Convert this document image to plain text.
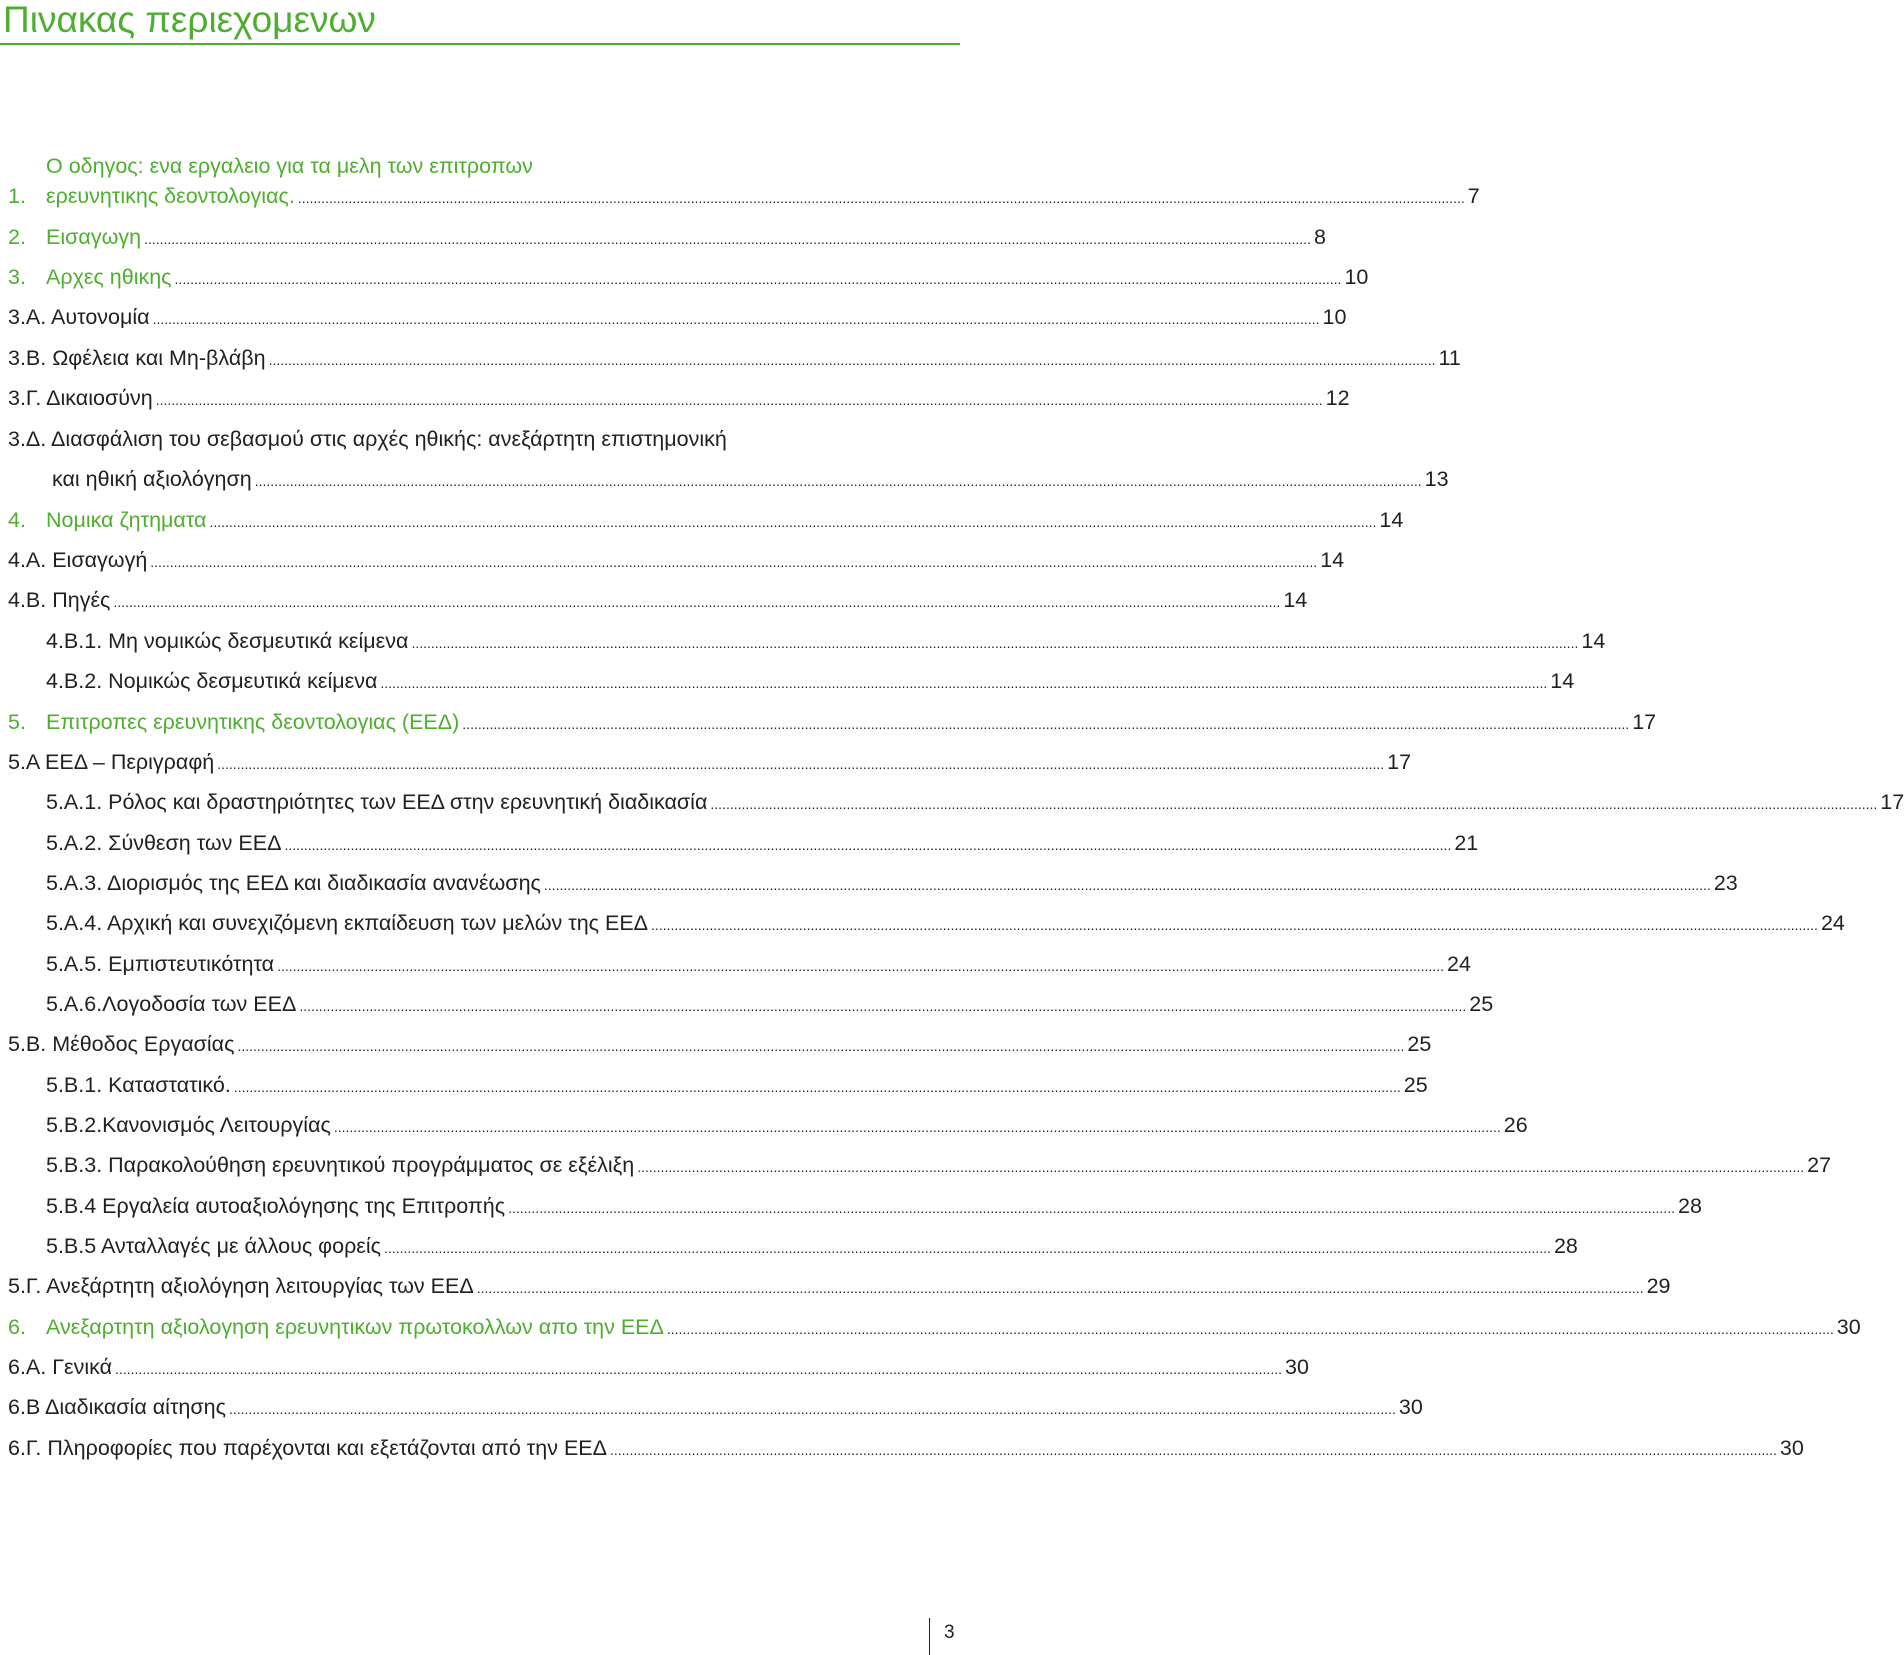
Πινακας περιεχομενων
Ο οδηγος: ενα εργαλειο για τα μελη των επιτροπων
1. ερευνητικης δεοντολογιας. ............................................................................................................................................................................................................................................................................................................ 7
2. Εισαγωγη ............................................................................................................................................................................................................................................................................................................ 8
3. Αρχες ηθικης ............................................................................................................................................................................................................................................................................................................ 10
3.Α. Αυτονομία ............................................................................................................................................................................................................................................................................................................ 10
3.Β. Ωφέλεια και Μη-βλάβη ............................................................................................................................................................................................................................................................................................................ 11
3.Γ. Δικαιοσύνη ............................................................................................................................................................................................................................................................................................................ 12
3.Δ. Διασφάλιση του σεβασμού στις αρχές ηθικής: ανεξάρτητη επιστημονική
και ηθική αξιολόγηση ............................................................................................................................................................................................................................................................................................................ 13
4. Νομικα ζητηματα ............................................................................................................................................................................................................................................................................................................ 14
4.Α. Εισαγωγή ............................................................................................................................................................................................................................................................................................................ 14
4.Β. Πηγές ............................................................................................................................................................................................................................................................................................................ 14
4.Β.1. Μη νομικώς δεσμευτικά κείμενα ............................................................................................................................................................................................................................................................................................................ 14
4.Β.2. Νομικώς δεσμευτικά κείμενα ............................................................................................................................................................................................................................................................................................................ 14
5. Επιτροπες ερευνητικης δεοντολογιας (ΕΕΔ) ............................................................................................................................................................................................................................................................................................................ 17
5.Α ΕΕΔ – Περιγραφή ............................................................................................................................................................................................................................................................................................................ 17
5.Α.1. Ρόλος και δραστηριότητες των ΕΕΔ στην ερευνητική διαδικασία ............................................................................................................................................................................................................................................................................................................ 17
5.Α.2. Σύνθεση των ΕΕΔ ............................................................................................................................................................................................................................................................................................................ 21
5.Α.3. Διορισμός της ΕΕΔ και διαδικασία ανανέωσης ............................................................................................................................................................................................................................................................................................................ 23
5.Α.4. Αρχική και συνεχιζόμενη εκπαίδευση των μελών της ΕΕΔ ............................................................................................................................................................................................................................................................................................................ 24
5.Α.5. Εμπιστευτικότητα ............................................................................................................................................................................................................................................................................................................ 24
5.Α.6.Λογοδοσία των ΕΕΔ ............................................................................................................................................................................................................................................................................................................ 25
5.Β. Μέθοδος Εργασίας ............................................................................................................................................................................................................................................................................................................ 25
5.Β.1. Καταστατικό. ............................................................................................................................................................................................................................................................................................................ 25
5.Β.2.Κανονισμός Λειτουργίας ............................................................................................................................................................................................................................................................................................................ 26
5.Β.3. Παρακολούθηση ερευνητικού προγράμματος σε εξέλιξη ............................................................................................................................................................................................................................................................................................................ 27
5.Β.4 Εργαλεία αυτοαξιολόγησης της Επιτροπής ............................................................................................................................................................................................................................................................................................................ 28
5.Β.5 Ανταλλαγές με άλλους φορείς ............................................................................................................................................................................................................................................................................................................ 28
5.Γ. Ανεξάρτητη αξιολόγηση λειτουργίας των ΕΕΔ ............................................................................................................................................................................................................................................................................................................ 29
6. Ανεξαρτητη αξιολογηση ερευνητικων πρωτοκολλων απο την ΕΕΔ ............................................................................................................................................................................................................................................................................................................ 30
6.Α. Γενικά ............................................................................................................................................................................................................................................................................................................ 30
6.Β Διαδικασία αίτησης ............................................................................................................................................................................................................................................................................................................ 30
6.Γ. Πληροφορίες που παρέχονται και εξετάζονται από την ΕΕΔ ............................................................................................................................................................................................................................................................................................................ 30
3
